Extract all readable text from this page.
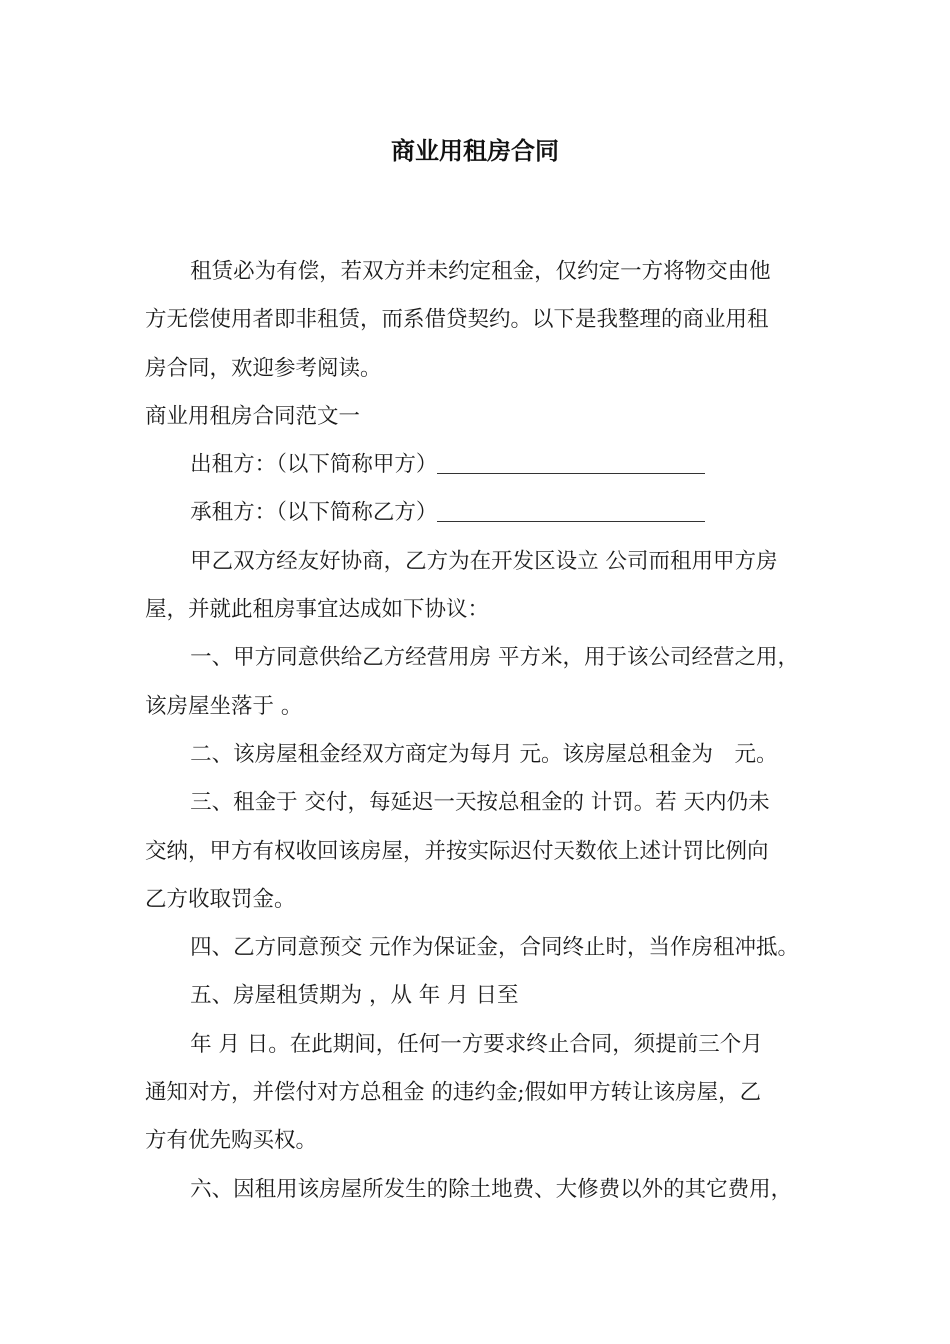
商业用租房合同

租赁必为有偿，若双方并未约定租金，仅约定一方将物交由他

方无偿使用者即非租赁，而系借贷契约。以下是我整理的商业用租

房合同，欢迎参考阅读。

商业用租房合同范文一

出租方：（以下简称甲方）

承租方：（以下简称乙方）

甲乙双方经友好协商，乙方为在开发区设立 公司而租用甲方房

屋，并就此租房事宜达成如下协议：

一、甲方同意供给乙方经营用房 平方米，用于该公司经营之用，

该房屋坐落于 。

二、该房屋租金经双方商定为每月 元。该房屋总租金为　元。

三、租金于 交付，每延迟一天按总租金的 计罚。若 天内仍未

交纳，甲方有权收回该房屋，并按实际迟付天数依上述计罚比例向

乙方收取罚金。

四、乙方同意预交 元作为保证金，合同终止时，当作房租冲抵。

五、房屋租赁期为 ，从 年 月 日至

年 月 日。在此期间，任何一方要求终止合同，须提前三个月

通知对方，并偿付对方总租金 的违约金;假如甲方转让该房屋，乙

方有优先购买权。

六、因租用该房屋所发生的除土地费、大修费以外的其它费用，
